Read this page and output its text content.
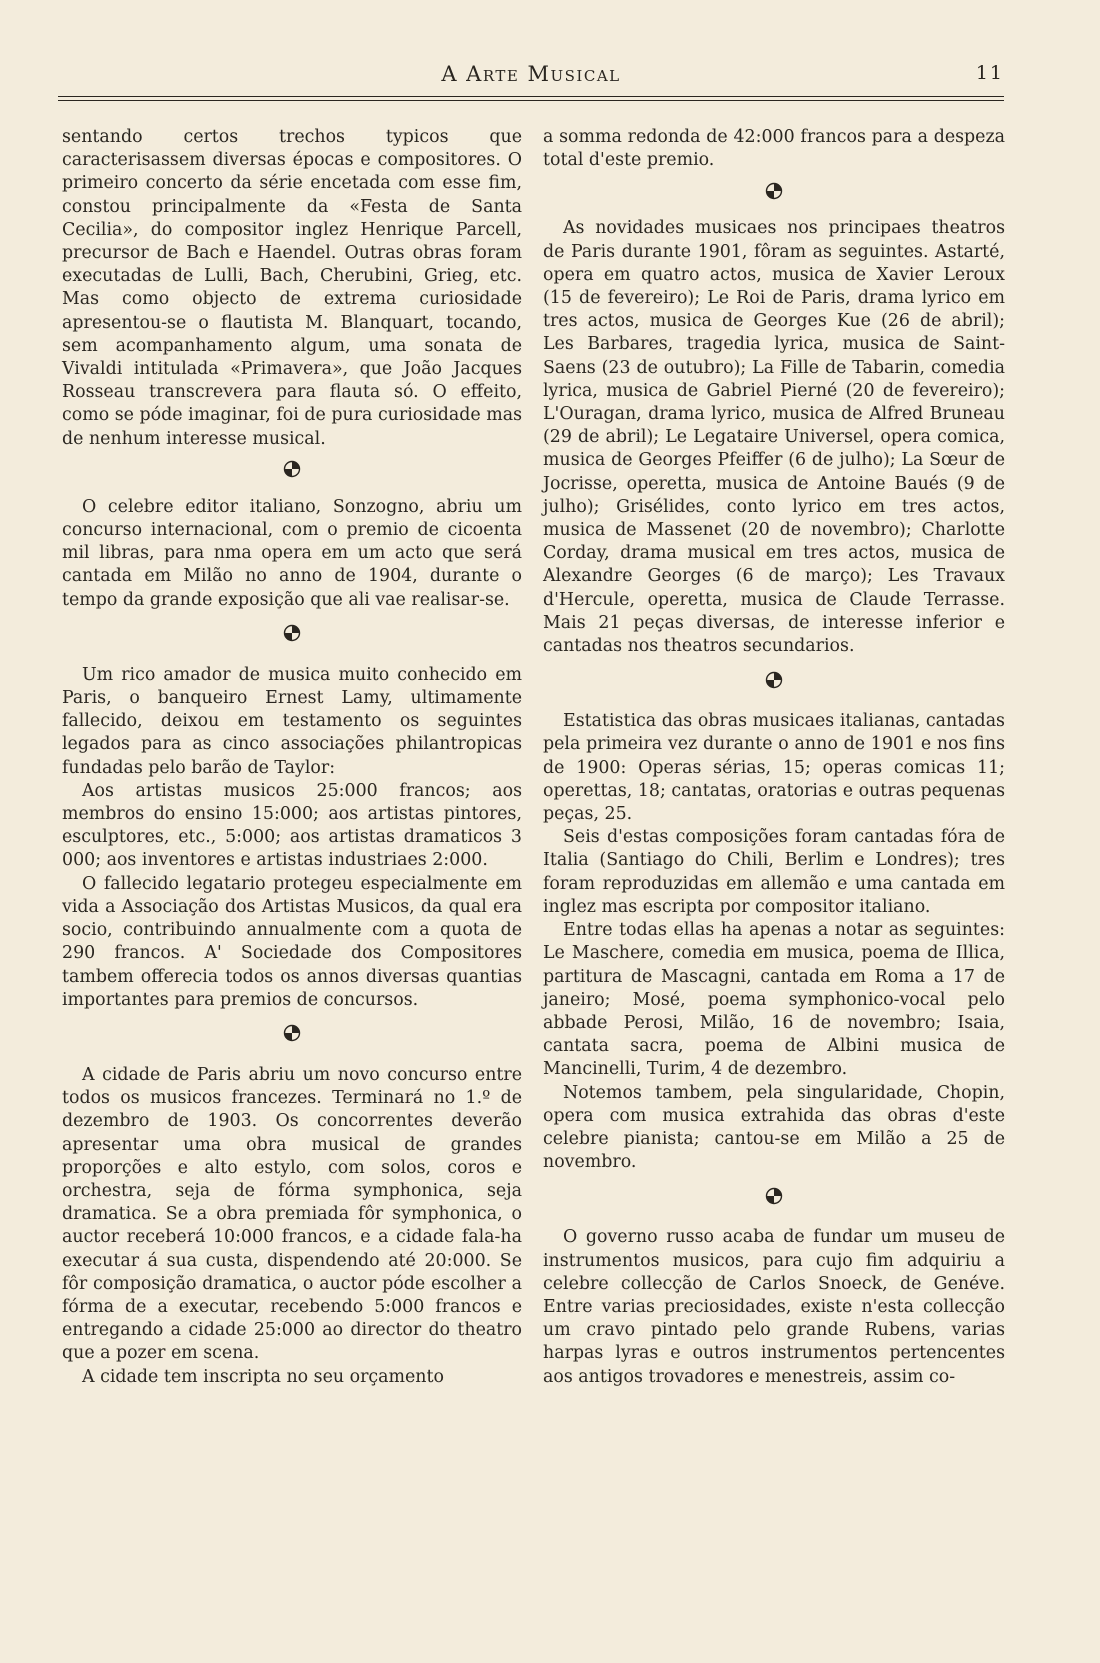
A Arte Musical	11

sentando certos trechos typicos que caracterisassem diversas épocas e compositores. O primeiro concerto da série encetada com esse fim, constou principalmente da «Festa de Santa Cecilia», do compositor inglez Henrique Parcell, precursor de Bach e Haendel. Outras obras foram executadas de Lulli, Bach, Cherubini, Grieg, etc. Mas como objecto de extrema curiosidade apresentou-se o flautista M. Blanquart, tocando, sem acompanhamento algum, uma sonata de Vivaldi intitulada «Primavera», que João Jacques Rosseau transcrevera para flauta só. O effeito, como se póde imaginar, foi de pura curiosidade mas de nenhum interesse musical.

O celebre editor italiano, Sonzogno, abriu um concurso internacional, com o premio de cicoenta mil libras, para nma opera em um acto que será cantada em Milão no anno de 1904, durante o tempo da grande exposição que ali vae realisar-se.

Um rico amador de musica muito conhecido em Paris, o banqueiro Ernest Lamy, ultimamente fallecido, deixou em testamento os seguintes legados para as cinco associações philantropicas fundadas pelo barão de Taylor:

Aos artistas musicos 25:000 francos; aos membros do ensino 15:000; aos artistas pintores, esculptores, etc., 5:000; aos artistas dramaticos 3 000; aos inventores e artistas industriaes 2:000.

O fallecido legatario protegeu especialmente em vida a Associação dos Artistas Musicos, da qual era socio, contribuindo annualmente com a quota de 290 francos. A' Sociedade dos Compositores tambem offerecia todos os annos diversas quantias importantes para premios de concursos.

A cidade de Paris abriu um novo concurso entre todos os musicos francezes. Terminará no 1.º de dezembro de 1903. Os concorrentes deverão apresentar uma obra musical de grandes proporções e alto estylo, com solos, coros e orchestra, seja de fórma symphonica, seja dramatica. Se a obra premiada fôr symphonica, o auctor receberá 10:000 francos, e a cidade fala-ha executar á sua custa, dispendendo até 20:000. Se fôr composição dramatica, o auctor póde escolher a fórma de a executar, recebendo 5:000 francos e entregando a cidade 25:000 ao director do theatro que a pozer em scena.

A cidade tem inscripta no seu orçamento

a somma redonda de 42:000 francos para a despeza total d'este premio.

As novidades musicaes nos principaes theatros de Paris durante 1901, fôram as seguintes. Astarté, opera em quatro actos, musica de Xavier Leroux (15 de fevereiro); Le Roi de Paris, drama lyrico em tres actos, musica de Georges Kue (26 de abril); Les Barbares, tragedia lyrica, musica de Saint-Saens (23 de outubro); La Fille de Tabarin, comedia lyrica, musica de Gabriel Pierné (20 de fevereiro); L'Ouragan, drama lyrico, musica de Alfred Bruneau (29 de abril); Le Legataire Universel, opera comica, musica de Georges Pfeiffer (6 de julho); La Sœur de Jocrisse, operetta, musica de Antoine Baués (9 de julho); Grisélides, conto lyrico em tres actos, musica de Massenet (20 de novembro); Charlotte Corday, drama musical em tres actos, musica de Alexandre Georges (6 de março); Les Travaux d'Hercule, operetta, musica de Claude Terrasse. Mais 21 peças diversas, de interesse inferior e cantadas nos theatros secundarios.

Estatistica das obras musicaes italianas, cantadas pela primeira vez durante o anno de 1901 e nos fins de 1900: Operas sérias, 15; operas comicas 11; operettas, 18; cantatas, oratorias e outras pequenas peças, 25.

Seis d'estas composições foram cantadas fóra de Italia (Santiago do Chili, Berlim e Londres); tres foram reproduzidas em allemão e uma cantada em inglez mas escripta por compositor italiano.

Entre todas ellas ha apenas a notar as seguintes: Le Maschere, comedia em musica, poema de Illica, partitura de Mascagni, cantada em Roma a 17 de janeiro; Mosé, poema symphonico-vocal pelo abbade Perosi, Milão, 16 de novembro; Isaia, cantata sacra, poema de Albini musica de Mancinelli, Turim, 4 de dezembro.

Notemos tambem, pela singularidade, Chopin, opera com musica extrahida das obras d'este celebre pianista; cantou-se em Milão a 25 de novembro.

O governo russo acaba de fundar um museu de instrumentos musicos, para cujo fim adquiriu a celebre collecção de Carlos Snoeck, de Genéve. Entre varias preciosidades, existe n'esta collecção um cravo pintado pelo grande Rubens, varias harpas lyras e outros instrumentos pertencentes aos antigos trovadores e menestreis, assim co-
